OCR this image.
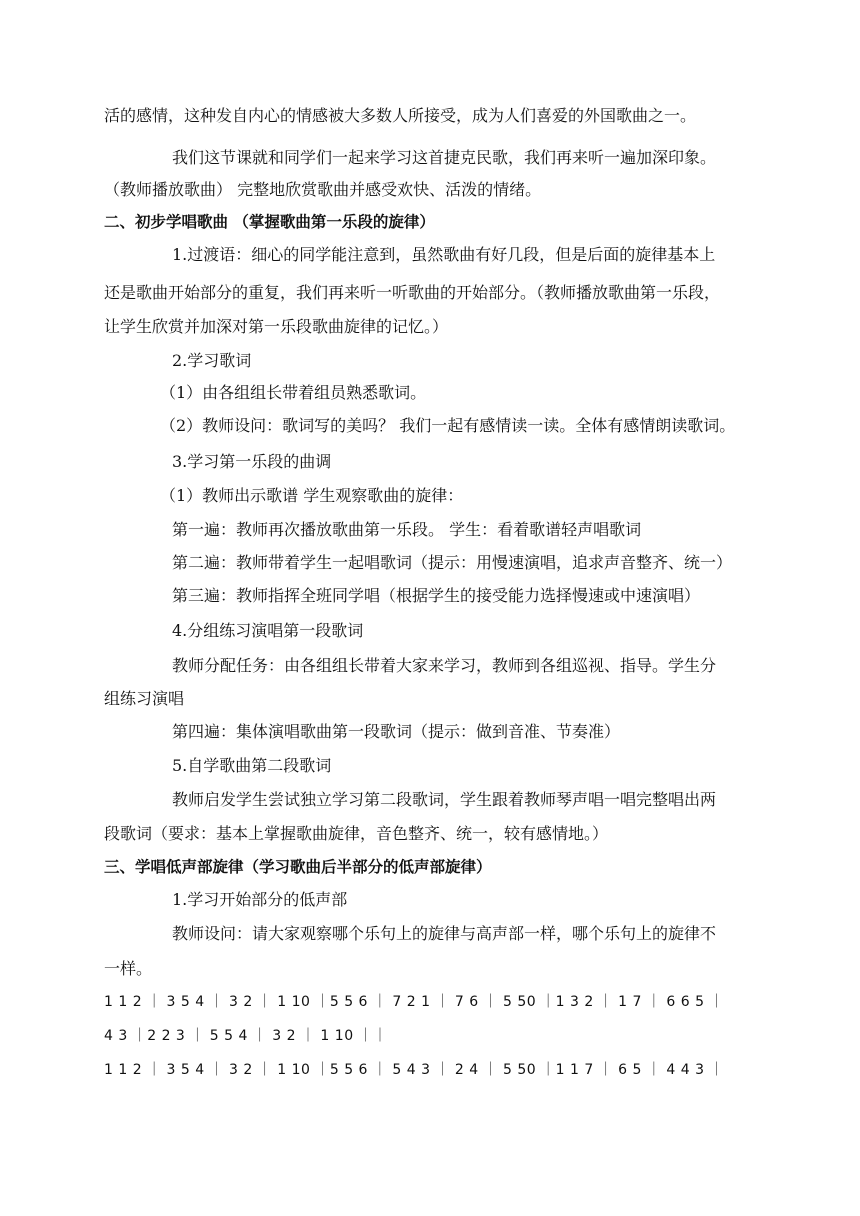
活的感情，这种发自内心的情感被大多数人所接受，成为人们喜爱的外国歌曲之一。
我们这节课就和同学们一起来学习这首捷克民歌，我们再来听一遍加深印象。
（教师播放歌曲） 完整地欣赏歌曲并感受欢快、活泼的情绪。
二、初步学唱歌曲 （掌握歌曲第一乐段的旋律）
1.过渡语：细心的同学能注意到，虽然歌曲有好几段，但是后面的旋律基本上
还是歌曲开始部分的重复，我们再来听一听歌曲的开始部分。（教师播放歌曲第一乐段，
让学生欣赏并加深对第一乐段歌曲旋律的记忆。）
2.学习歌词
（1）由各组组长带着组员熟悉歌词。
（2）教师设问：歌词写的美吗？ 我们一起有感情读一读。全体有感情朗读歌词。
3.学习第一乐段的曲调
（1）教师出示歌谱 学生观察歌曲的旋律：
第一遍：教师再次播放歌曲第一乐段。 学生：看着歌谱轻声唱歌词
第二遍：教师带着学生一起唱歌词（提示：用慢速演唱，追求声音整齐、统一）
第三遍：教师指挥全班同学唱（根据学生的接受能力选择慢速或中速演唱）
4.分组练习演唱第一段歌词
教师分配任务：由各组组长带着大家来学习，教师到各组巡视、指导。学生分
组练习演唱
第四遍：集体演唱歌曲第一段歌词（提示：做到音准、节奏准）
5.自学歌曲第二段歌词
教师启发学生尝试独立学习第二段歌词，学生跟着教师琴声唱一唱完整唱出两
段歌词（要求：基本上掌握歌曲旋律，音色整齐、统一，较有感情地。）
三、学唱低声部旋律（学习歌曲后半部分的低声部旋律）
1.学习开始部分的低声部
教师设问：请大家观察哪个乐句上的旋律与高声部一样，哪个乐句上的旋律不
一样。
1 1 2 ｜ 3 5 4 ｜ 3 2 ｜ 1 10 ｜5 5 6 ｜ 7 2 1 ｜ 7 6 ｜ 5 50 ｜1 3 2 ｜ 1 7 ｜ 6 6 5 ｜
4 3 ｜2 2 3 ｜ 5 5 4 ｜ 3 2 ｜ 1 10 ｜｜
1 1 2 ｜ 3 5 4 ｜ 3 2 ｜ 1 10 ｜5 5 6 ｜ 5 4 3 ｜ 2 4 ｜ 5 50 ｜1 1 7 ｜ 6 5 ｜ 4 4 3 ｜
